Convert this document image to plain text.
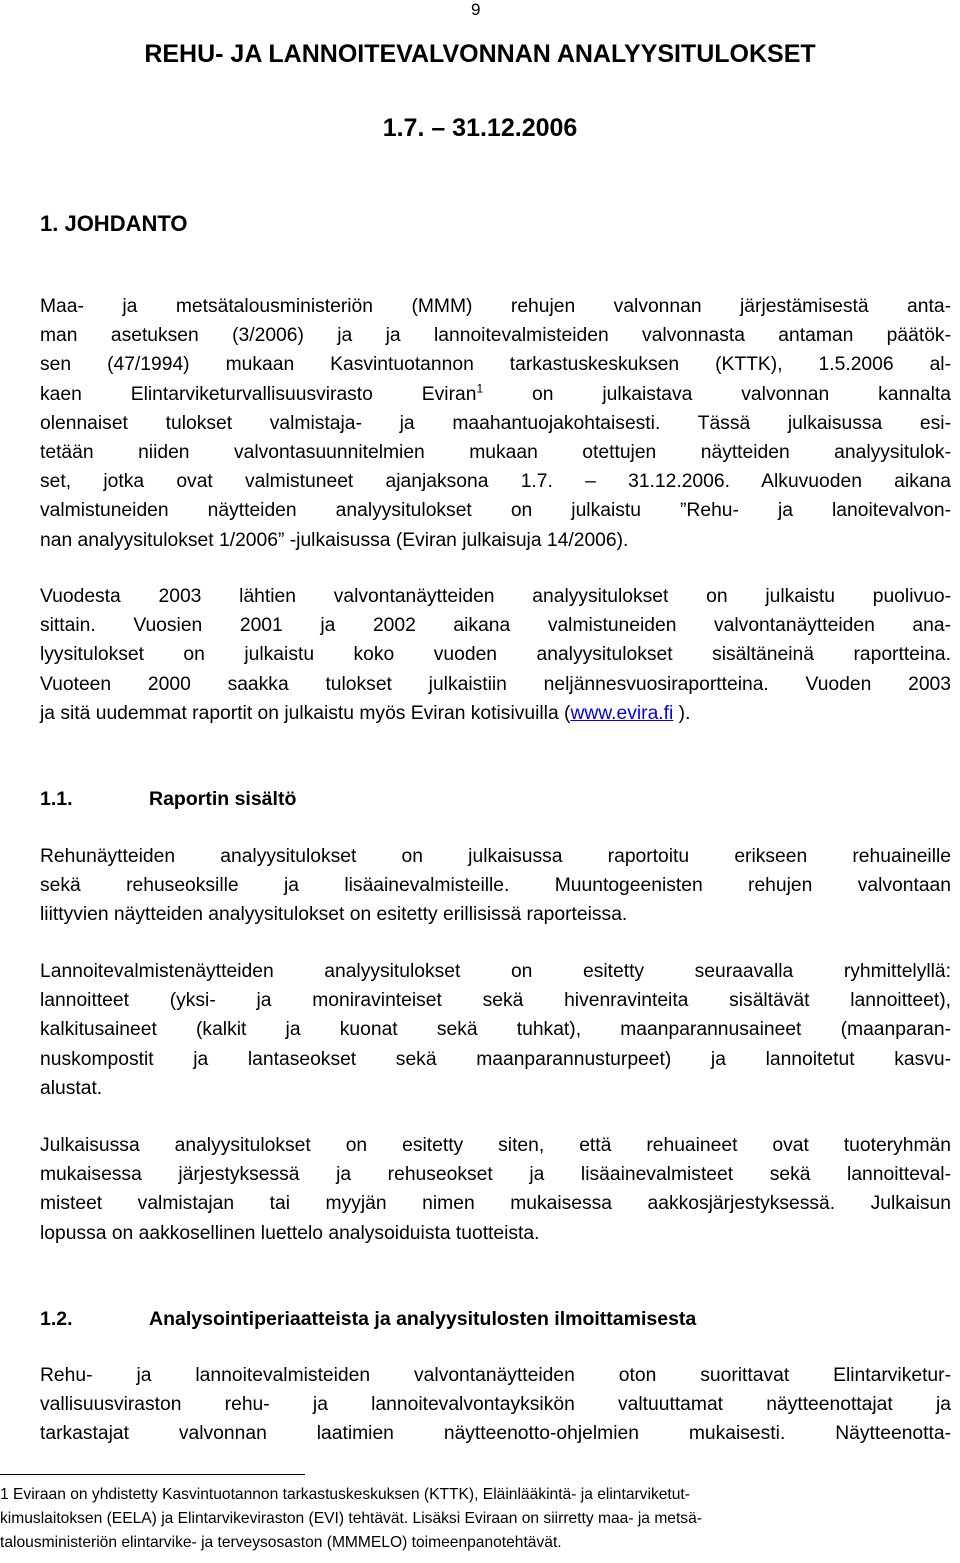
9
REHU- JA LANNOITEVALVONNAN ANALYYSITULOKSET
1.7. – 31.12.2006
1. JOHDANTO

Maa- ja metsätalousministeriön (MMM) rehujen valvonnan järjestämisestä anta-
man asetuksen (3/2006) ja ja lannoitevalmisteiden valvonnasta antaman päätök-
sen (47/1994) mukaan Kasvintuotannon tarkastuskeskuksen (KTTK), 1.5.2006 al-
kaen Elintarviketurvallisuusvirasto Eviran$^1$ on julkaistava valvonnan kannalta
olennaiset tulokset valmistaja- ja maahantuojakohtaisesti. Tässä julkaisussa esi-
tetään niiden valvontasuunnitelmien mukaan otettujen näytteiden analyysitulok-
set, jotka ovat valmistuneet ajanjaksona 1.7. – 31.12.2006. Alkuvuoden aikana
valmistuneiden näytteiden analyysitulokset on julkaistu ”Rehu- ja lanoitevalvon-
nan analyysitulokset 1/2006” -julkaisussa (Eviran julkaisuja 14/2006).

Vuodesta 2003 lähtien valvontanäytteiden analyysitulokset on julkaistu puolivuo-
sittain. Vuosien 2001 ja 2002 aikana valmistuneiden valvontanäytteiden ana-
lyysitulokset on julkaistu koko vuoden analyysitulokset sisältäneinä raportteina.
Vuoteen 2000 saakka tulokset julkaistiin neljännesvuosiraportteina. Vuoden 2003
ja sitä uudemmat raportit on julkaistu myös Eviran kotisivuilla (www.evira.fi ).

1.1.	Raportin sisältö

Rehunäytteiden analyysitulokset on julkaisussa raportoitu erikseen rehuaineille
sekä rehuseoksille ja lisäainevalmisteille. Muuntogeenisten rehujen valvontaan
liittyvien näytteiden analyysitulokset on esitetty erillisissä raporteissa.

Lannoitevalmistenäytteiden analyysitulokset on esitetty seuraavalla ryhmittelyllä:
lannoitteet (yksi- ja moniravinteiset sekä hivenravinteita sisältävät lannoitteet),
kalkitusaineet (kalkit ja kuonat sekä tuhkat), maanparannusaineet (maanparan-
nuskompostit ja lantaseokset sekä maanparannusturpeet) ja lannoitetut kasvu-
alustat.

Julkaisussa analyysitulokset on esitetty siten, että rehuaineet ovat tuoteryhmän
mukaisessa järjestyksessä ja rehuseokset ja lisäainevalmisteet sekä lannoitteval-
misteet valmistajan tai myyjän nimen mukaisessa aakkosjärjestyksessä. Julkaisun
lopussa on aakkosellinen luettelo analysoiduista tuotteista.

1.2.	Analysointiperiaatteista ja analyysitulosten ilmoittamisesta

Rehu- ja lannoitevalmisteiden valvontanäytteiden oton suorittavat Elintarviketur-
vallisuusviraston rehu- ja lannoitevalvontayksikön valtuuttamat näytteenottajat ja
tarkastajat valvonnan laatimien näytteenotto-ohjelmien mukaisesti. Näytteenotta-

1 Eviraan on yhdistetty Kasvintuotannon tarkastuskeskuksen (KTTK), Eläinlääkintä- ja elintarviketut-
kimuslaitoksen (EELA) ja Elintarvikeviraston (EVI) tehtävät. Lisäksi Eviraan on siirretty maa- ja metsä-
talousministeriön elintarvike- ja terveysosaston (MMMELO) toimeenpanotehtävät.
